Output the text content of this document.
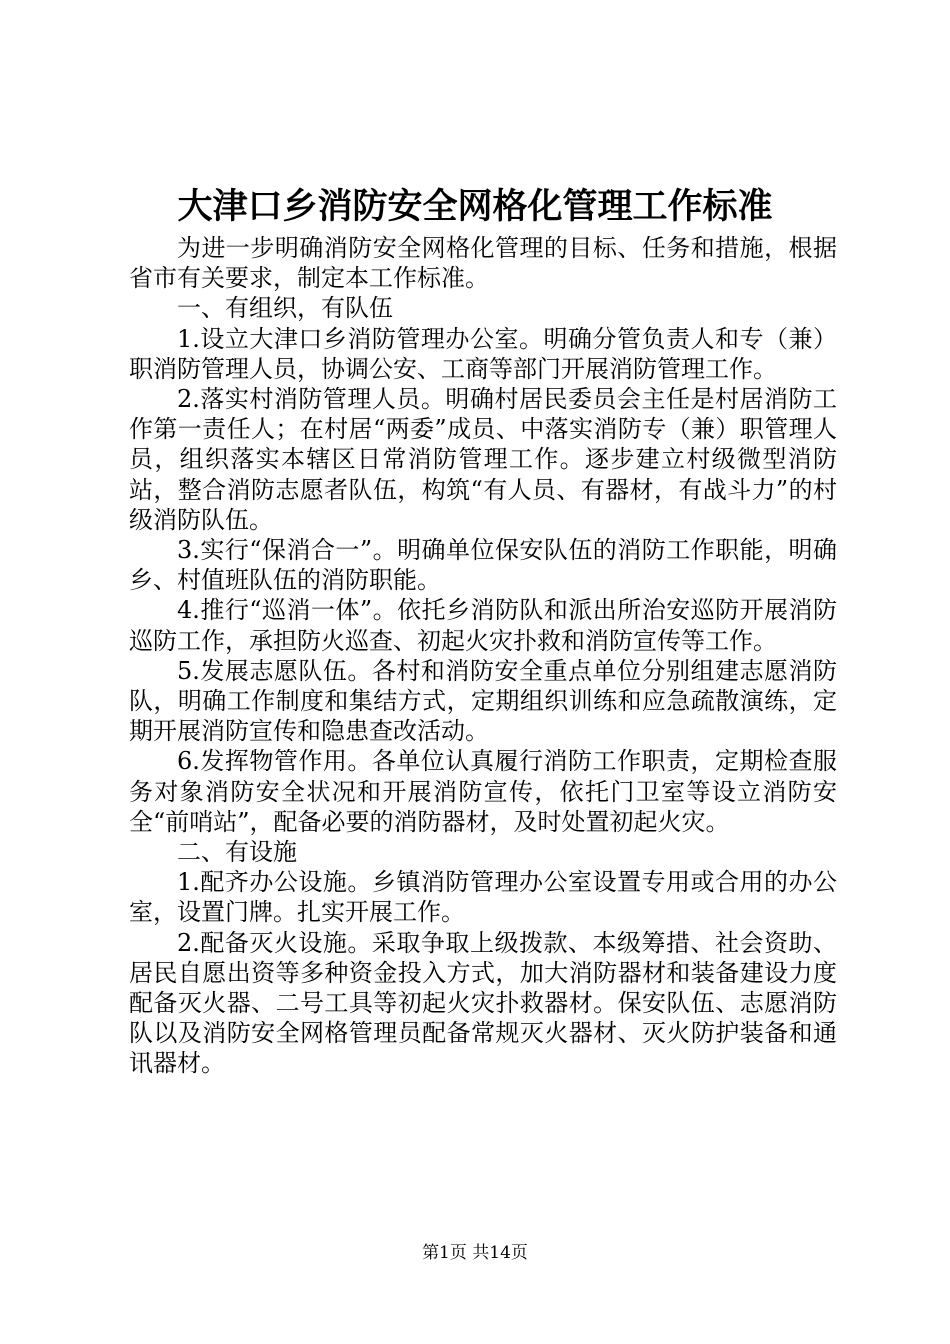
大津口乡消防安全网格化管理工作标准

为进一步明确消防安全网格化管理的目标、任务和措施，根据省市有关要求，制定本工作标准。

一、有组织，有队伍

1.设立大津口乡消防管理办公室。明确分管负责人和专（兼）职消防管理人员，协调公安、工商等部门开展消防管理工作。

2.落实村消防管理人员。明确村居民委员会主任是村居消防工作第一责任人；在村居“两委”成员、中落实消防专（兼）职管理人员，组织落实本辖区日常消防管理工作。逐步建立村级微型消防站，整合消防志愿者队伍，构筑“有人员、有器材，有战斗力”的村级消防队伍。

3.实行“保消合一”。明确单位保安队伍的消防工作职能，明确乡、村值班队伍的消防职能。

4.推行“巡消一体”。依托乡消防队和派出所治安巡防开展消防巡防工作，承担防火巡查、初起火灾扑救和消防宣传等工作。

5.发展志愿队伍。各村和消防安全重点单位分别组建志愿消防队，明确工作制度和集结方式，定期组织训练和应急疏散演练，定期开展消防宣传和隐患查改活动。

6.发挥物管作用。各单位认真履行消防工作职责，定期检查服务对象消防安全状况和开展消防宣传，依托门卫室等设立消防安全“前哨站”，配备必要的消防器材，及时处置初起火灾。

二、有设施

1.配齐办公设施。乡镇消防管理办公室设置专用或合用的办公室，设置门牌。扎实开展工作。

2.配备灭火设施。采取争取上级拨款、本级筹措、社会资助、居民自愿出资等多种资金投入方式，加大消防器材和装备建设力度配备灭火器、二号工具等初起火灾扑救器材。保安队伍、志愿消防队以及消防安全网格管理员配备常规灭火器材、灭火防护装备和通讯器材。

第1页 共14页
